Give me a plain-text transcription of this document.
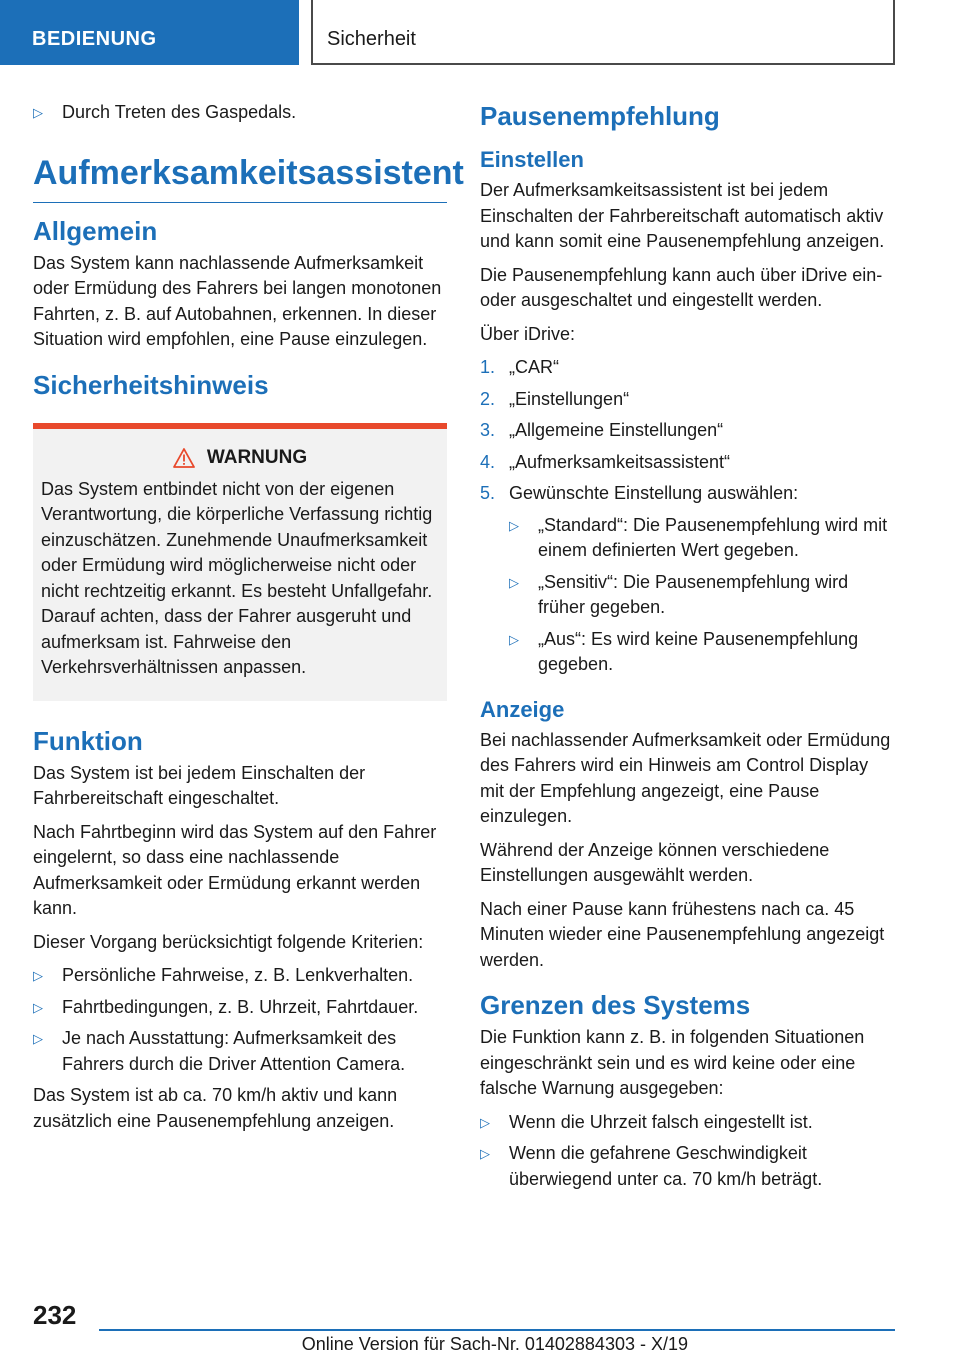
BEDIENUNG	Sicherheit
▷ Durch Treten des Gaspedals.
Aufmerksamkeitsassistent
Allgemein

Das System kann nachlassende Aufmerksamkeit oder Ermüdung des Fahrers bei langen monotonen Fahrten, z. B. auf Autobahnen, erkennen. In dieser Situation wird empfohlen, eine Pause einzulegen.

Sicherheitshinweis
WARNUNG

Das System entbindet nicht von der eigenen Verantwortung, die körperliche Verfassung richtig einzuschätzen. Zunehmende Unaufmerksamkeit oder Ermüdung wird möglicherweise nicht oder nicht rechtzeitig erkannt. Es besteht Unfallgefahr. Darauf achten, dass der Fahrer ausgeruht und aufmerksam ist. Fahrweise den Verkehrsverhältnissen anpassen.

Funktion

Das System ist bei jedem Einschalten der Fahrbereitschaft eingeschaltet.

Nach Fahrtbeginn wird das System auf den Fahrer eingelernt, so dass eine nachlassende Aufmerksamkeit oder Ermüdung erkannt werden kann.

Dieser Vorgang berücksichtigt folgende Kriterien:

▷ Persönliche Fahrweise, z. B. Lenkverhalten.
▷ Fahrtbedingungen, z. B. Uhrzeit, Fahrtdauer.
▷ Je nach Ausstattung: Aufmerksamkeit des Fahrers durch die Driver Attention Camera.

Das System ist ab ca. 70 km/h aktiv und kann zusätzlich eine Pausenempfehlung anzeigen.

Pausenempfehlung
Einstellen

Der Aufmerksamkeitsassistent ist bei jedem Einschalten der Fahrbereitschaft automatisch aktiv und kann somit eine Pausenempfehlung anzeigen.

Die Pausenempfehlung kann auch über iDrive ein- oder ausgeschaltet und eingestellt werden.

Über iDrive:

1. „CAR“
2. „Einstellungen“
3. „Allgemeine Einstellungen“
4. „Aufmerksamkeitsassistent“
5. Gewünschte Einstellung auswählen:
▷ „Standard“: Die Pausenempfehlung wird mit einem definierten Wert gegeben.
▷ „Sensitiv“: Die Pausenempfehlung wird früher gegeben.
▷ „Aus“: Es wird keine Pausenempfehlung gegeben.
Anzeige

Bei nachlassender Aufmerksamkeit oder Ermüdung des Fahrers wird ein Hinweis am Control Display mit der Empfehlung angezeigt, eine Pause einzulegen.

Während der Anzeige können verschiedene Einstellungen ausgewählt werden.

Nach einer Pause kann frühestens nach ca. 45 Minuten wieder eine Pausenempfehlung angezeigt werden.

Grenzen des Systems

Die Funktion kann z. B. in folgenden Situationen eingeschränkt sein und es wird keine oder eine falsche Warnung ausgegeben:

▷ Wenn die Uhrzeit falsch eingestellt ist.
▷ Wenn die gefahrene Geschwindigkeit überwiegend unter ca. 70 km/h beträgt.
232
Online Version für Sach-Nr. 01402884303 - X/19
